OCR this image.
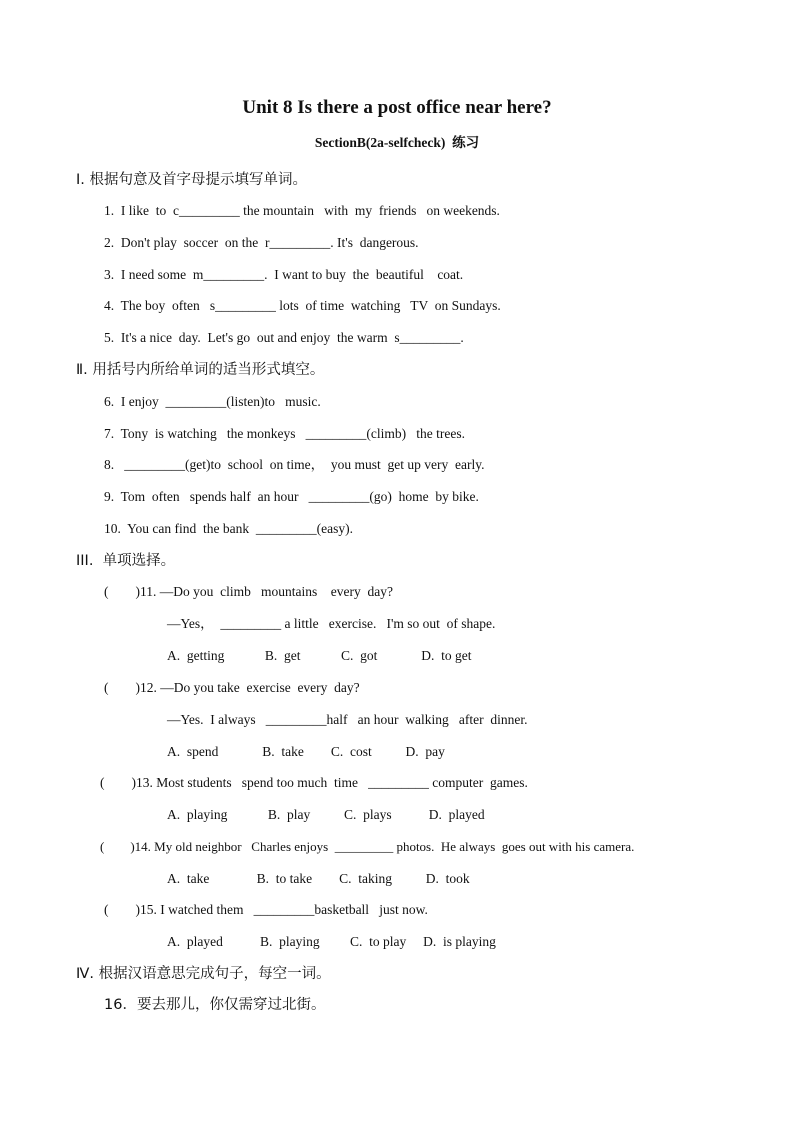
Unit 8 Is there a post office near here?
SectionB(2a-selfcheck)  练习
Ⅰ. 根据句意及首字母提示填写单词。
1.  I like  to  c_________ the mountain   with  my  friends   on weekends.
2.  Don't play  soccer  on the  r_________. It's  dangerous.
3.  I need some  m_________.  I want to buy  the  beautiful    coat.
4.  The boy  often   s_________ lots  of time  watching   TV  on Sundays.
5.  It's a nice  day.  Let's go  out and enjoy  the warm  s_________.
Ⅱ. 用括号内所给单词的适当形式填空。
6.  I enjoy  _________(listen)to   music.
7.  Tony  is watching   the monkeys   _________(climb)   the trees.
8.   _________(get)to  school  on time，  you must  get up very  early.
9.  Tom  often   spends half  an hour   _________(go)  home  by bike.
10.  You can find  the bank  _________(easy).
III.  单项选择。
(        )11. —Do you  climb   mountains    every  day?
—Yes，  _________ a little   exercise.   I'm so out  of shape.
A.  getting            B.  get            C.  got             D.  to get
(        )12. —Do you take  exercise  every  day?
—Yes.  I always   _________half   an hour  walking   after  dinner.
A.  spend             B.  take        C.  cost          D.  pay
(        )13. Most students   spend too much  time   _________ computer  games.
A.  playing            B.  play          C.  plays           D.  played
(        )14. My old neighbor   Charles enjoys  _________ photos.  He always  goes out with his camera.
A.  take              B.  to take        C.  taking          D.  took
(        )15. I watched them   _________basketball   just now.
A.  played           B.  playing         C.  to play     D.  is playing
Ⅳ. 根据汉语意思完成句子，每空一词。
16．要去那儿，你仅需穿过北街。
